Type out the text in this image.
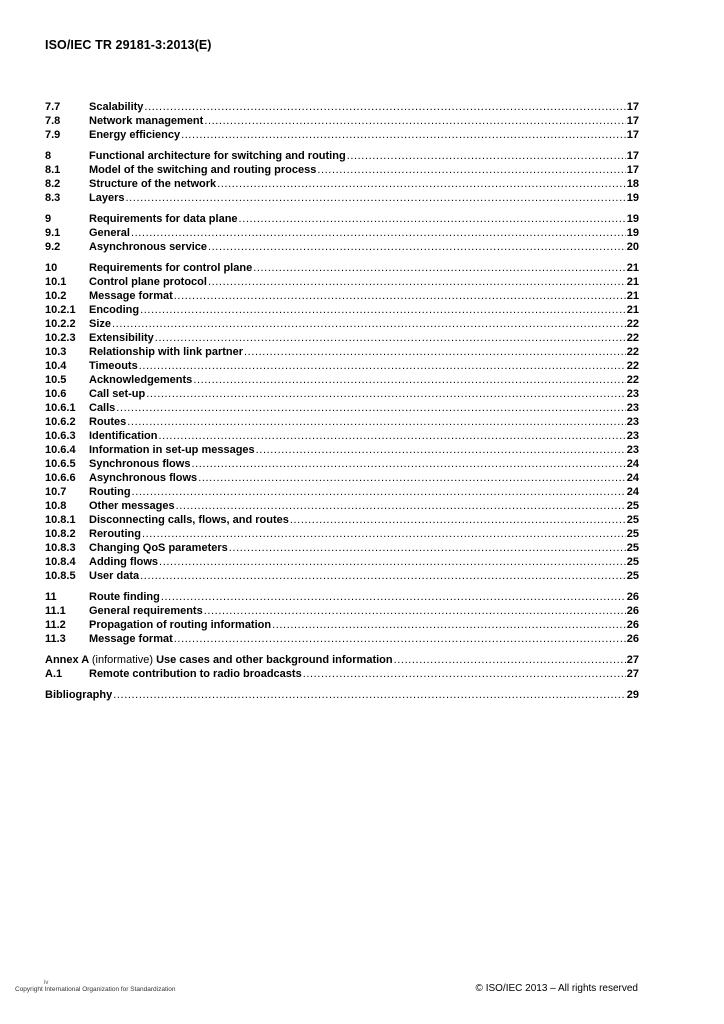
ISO/IEC TR 29181-3:2013(E)
7.7	Scalability .....	17
7.8	Network management .....	17
7.9	Energy efficiency .....	17
8	Functional architecture for switching and routing .....	17
8.1	Model of the switching and routing process .....	17
8.2	Structure of the network .....	18
8.3	Layers .....	19
9	Requirements for data plane .....	19
9.1	General .....	19
9.2	Asynchronous service .....	20
10	Requirements for control plane .....	21
10.1	Control plane protocol .....	21
10.2	Message format .....	21
10.2.1	Encoding .....	21
10.2.2	Size .....	22
10.2.3	Extensibility .....	22
10.3	Relationship with link partner .....	22
10.4	Timeouts .....	22
10.5	Acknowledgements .....	22
10.6	Call set-up .....	23
10.6.1	Calls .....	23
10.6.2	Routes .....	23
10.6.3	Identification .....	23
10.6.4	Information in set-up messages .....	23
10.6.5	Synchronous flows .....	24
10.6.6	Asynchronous flows .....	24
10.7	Routing .....	24
10.8	Other messages .....	25
10.8.1	Disconnecting calls, flows, and routes .....	25
10.8.2	Rerouting .....	25
10.8.3	Changing QoS parameters .....	25
10.8.4	Adding flows .....	25
10.8.5	User data .....	25
11	Route finding .....	26
11.1	General requirements .....	26
11.2	Propagation of routing information .....	26
11.3	Message format .....	26
Annex A (informative) Use cases and other background information .....	27
A.1	Remote contribution to radio broadcasts .....	27
Bibliography .....	29
iv
Copyright International Organization for Standardization	© ISO/IEC 2013 – All rights reserved
